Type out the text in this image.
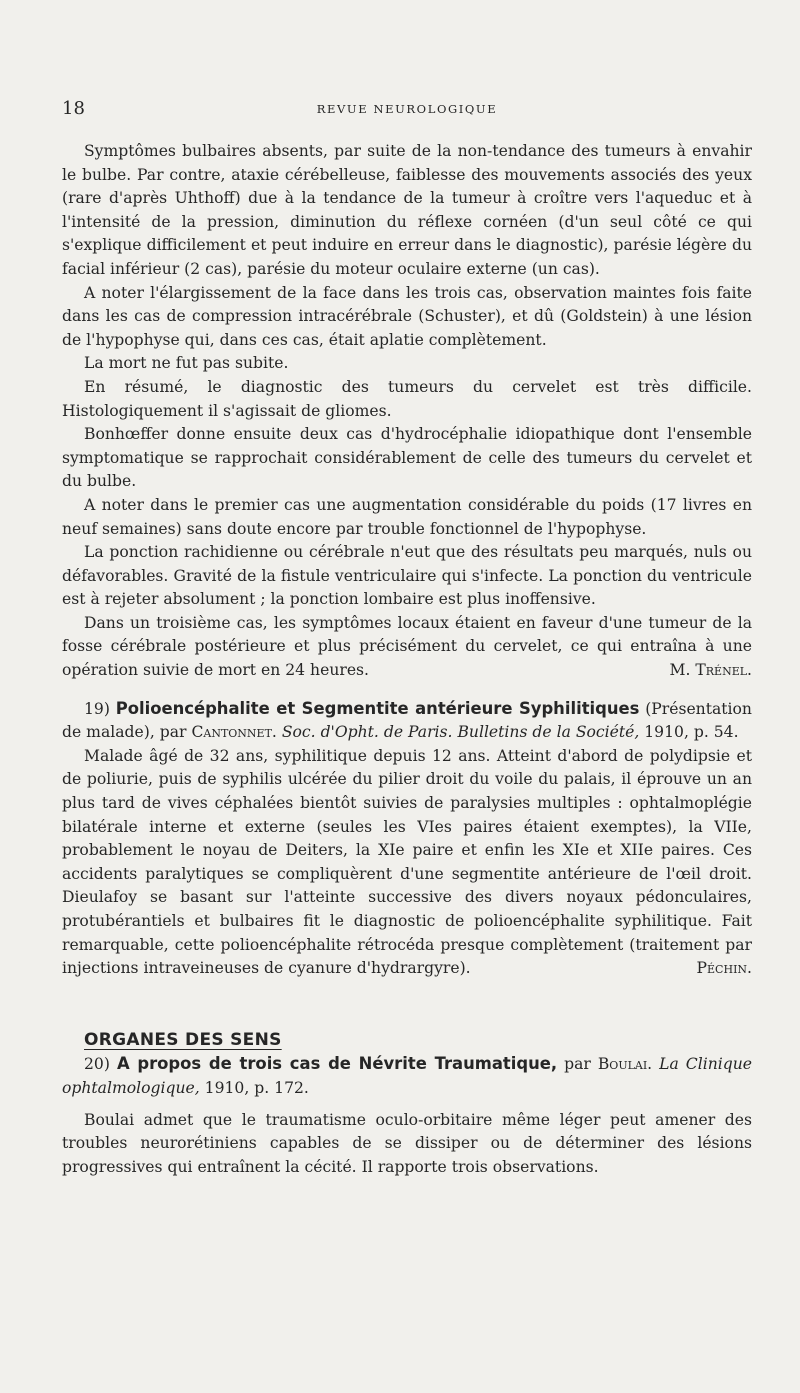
18	REVUE NEUROLOGIQUE

Symptômes bulbaires absents, par suite de la non-tendance des tumeurs à envahir le bulbe. Par contre, ataxie cérébelleuse, faiblesse des mouvements associés des yeux (rare d'après Uhthoff) due à la tendance de la tumeur à croître vers l'aqueduc et à l'intensité de la pression, diminution du réflexe cornéen (d'un seul côté ce qui s'explique difficilement et peut induire en erreur dans le diagnostic), parésie légère du facial inférieur (2 cas), parésie du moteur oculaire externe (un cas).

A noter l'élargissement de la face dans les trois cas, observation maintes fois faite dans les cas de compression intracérébrale (Schuster), et dû (Goldstein) à une lésion de l'hypophyse qui, dans ces cas, était aplatie complètement.

La mort ne fut pas subite.

En résumé, le diagnostic des tumeurs du cervelet est très difficile. Histologiquement il s'agissait de gliomes.

Bonhœffer donne ensuite deux cas d'hydrocéphalie idiopathique dont l'ensemble symptomatique se rapprochait considérablement de celle des tumeurs du cervelet et du bulbe.

A noter dans le premier cas une augmentation considérable du poids (17 livres en neuf semaines) sans doute encore par trouble fonctionnel de l'hypophyse.

La ponction rachidienne ou cérébrale n'eut que des résultats peu marqués, nuls ou défavorables. Gravité de la fistule ventriculaire qui s'infecte. La ponction du ventricule est à rejeter absolument ; la ponction lombaire est plus inoffensive.

Dans un troisième cas, les symptômes locaux étaient en faveur d'une tumeur de la fosse cérébrale postérieure et plus précisément du cervelet, ce qui entraîna à une opération suivie de mort en 24 heures.	M. Trénel.

19) Polioencéphalite et Segmentite antérieure Syphilitiques (Présentation de malade), par Cantonnet. Soc. d'Opht. de Paris. Bulletins de la Société, 1910, p. 54.

Malade âgé de 32 ans, syphilitique depuis 12 ans. Atteint d'abord de polydipsie et de poliurie, puis de syphilis ulcérée du pilier droit du voile du palais, il éprouve un an plus tard de vives céphalées bientôt suivies de paralysies multiples : ophtalmoplégie bilatérale interne et externe (seules les VIes paires étaient exemptes), la VIIe, probablement le noyau de Deiters, la XIe paire et enfin les XIe et XIIe paires. Ces accidents paralytiques se compliquèrent d'une segmentite antérieure de l'œil droit. Dieulafoy se basant sur l'atteinte successive des divers noyaux pédonculaires, protubérantiels et bulbaires fit le diagnostic de polioencéphalite syphilitique. Fait remarquable, cette polioencéphalite rétrocéda presque complètement (traitement par injections intraveineuses de cyanure d'hydrargyre).	Péchin.

ORGANES DES SENS

20) A propos de trois cas de Névrite Traumatique, par Boulai. La Clinique ophtalmologique, 1910, p. 172.

Boulai admet que le traumatisme oculo-orbitaire même léger peut amener des troubles neurorétiniens capables de se dissiper ou de déterminer des lésions progressives qui entraînent la cécité. Il rapporte trois observations.
